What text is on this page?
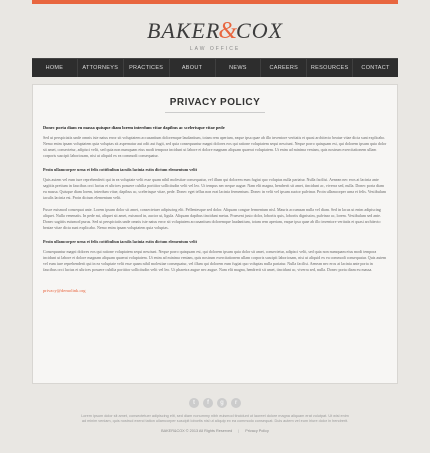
BAKER&COX
LAW OFFICE
HOME	ATTORNEYS	PRACTICES	ABOUT	NEWS	CAREERS	RESOURCES	CONTACT
PRIVACY POLICY

Donec porta diam eu massa quisque diam lorem interdum vitae dapibus ac scelerisque vitae pede

Sed ut perspiciatis unde omnis iste natus error sit voluptatem accusantium doloremque laudantium, totam rem aperiam, eaque ipsa quae ab illo inventore veritatis et quasi architecto beatae vitae dicta sunt explicabo. Nemo enim ipsam voluptatem quia voluptas sit aspernatur aut odit aut fugit, sed quia consequuntur magni dolores eos qui ratione voluptatem sequi nesciunt. Neque porro quisquam est, qui dolorem ipsum quia dolor sit amet, consectetur, adipisci velit, sed quia non numquam eius modi tempora incidunt ut labore et dolore magnam aliquam quaerat voluptatem. Ut enim ad minima veniam, quis nostrum exercitationem ullam corporis suscipit laboriosam, nisi ut aliquid ex ea commodi consequatur.

Proin ullamcorper urna et felis cotttbuliun iaculis lacinia estin dictum elementum velit

Quis autem vel eum iure reprehenderit qui in ea voluptate velit esse quam nihil molestiae consequatur, vel illum qui dolorem eum fugiat quo voluptas nulla pariatur. Nulla facilisi. Aenean nec eros at lacinia ante sagittis pretium in faucibus orci luctus et ultrices posuere cubilia porttitor sollicitudin velit vel leo. Ut tempus nec neque augue. Nam elit magna, hendrerit sit amet, tincidunt ac, viverra sed, nulla. Donec porta diam eu massa. Quisque diam lorem, interdum vitae, dapibus ac, scelerisque vitae, pede. Donec eget tellus non erat lacinia fermentum. Donec in velit vel ipsum auctor pulvinar. Proin ullamcorper urna et felis. Vestibulum iaculis lacinia est. Proin dictum elementum velit.

Fusce euismod consequat ante. Lorem ipsum dolor sit amet, consectetuer adipiscing elit. Pellentesque sed dolor. Aliquam congue fermentum nisl. Mauris accumsan nulla vel diam. Sed in lacus ut enim adipiscing aliquet. Nulla venenatis. In pede mi, aliquet sit amet, euismod in, auctor ut, ligula. Aliquam dapibus tincidunt metus. Praesent justo dolor, lobortis quis, lobortis dignissim, pulvinar ac, lorem. Vestibulum sed ante. Donec sagittis euismod purus. Sed ut perspiciatis unde omnis iste natus error sit voluptatem accusantium doloremque laudantium, totam rem aperiam, eaque ipsa quae ab illo inventore veritatis et quasi architecto beatae vitae dicta sunt explicabo. Nemo enim ipsam voluptatem quia voluptas.

Proin ullamcorper urna et felis cotttbuliun iaculis lacinia estin dictum elementum velit

Consequuntur magni dolores eos qui ratione voluptatem sequi nesciunt. Neque porro quisquam est, qui dolorem ipsum quia dolor sit amet, consectetur, adipisci velit, sed quia non numquam eius modi tempora incidunt ut labore et dolore magnam aliquam quaerat voluptatem. Ut enim ad minima veniam, quis nostrum exercitationem ullam corporis suscipit laboriosam, nisi ut aliquid ex ea commodi consequatur. Quis autem vel eum iure reprehenderit qui in ea voluptate velit esse quam nihil molestiae consequatur, vel illum qui dolorem eum fugiat quo voluptas nulla pariatur. Nulla facilisi. Aenean nec eros at lacinia ante porta in faucibus orci luctus et ultrices posuere cubilia porttitor sollicitudin velit vel leo. Ut pharetra augue nec augue. Nam elit magna, hendrerit sit amet, tincidunt ac, viverra sed, nulla. Donec porta diam eu massa.

privacy@demolink.org
t	f	g	r

Lorem ipsum dolor sit amet, consectetuer adipiscing elit, sed diam nonummy nibh euismod tincidunt ut laoreet dolore magna aliquam erat volutpat. Ut wisi enim ad minim veniam, quis nostrud exerci tation ullamcorper suscipit lobortis nisl ut aliquip ex ea commodo consequat. Duis autem vel eum iriure dolor in hendrerit.

BAKER&COX © 2013 All Rights Reserved | Privacy Policy
